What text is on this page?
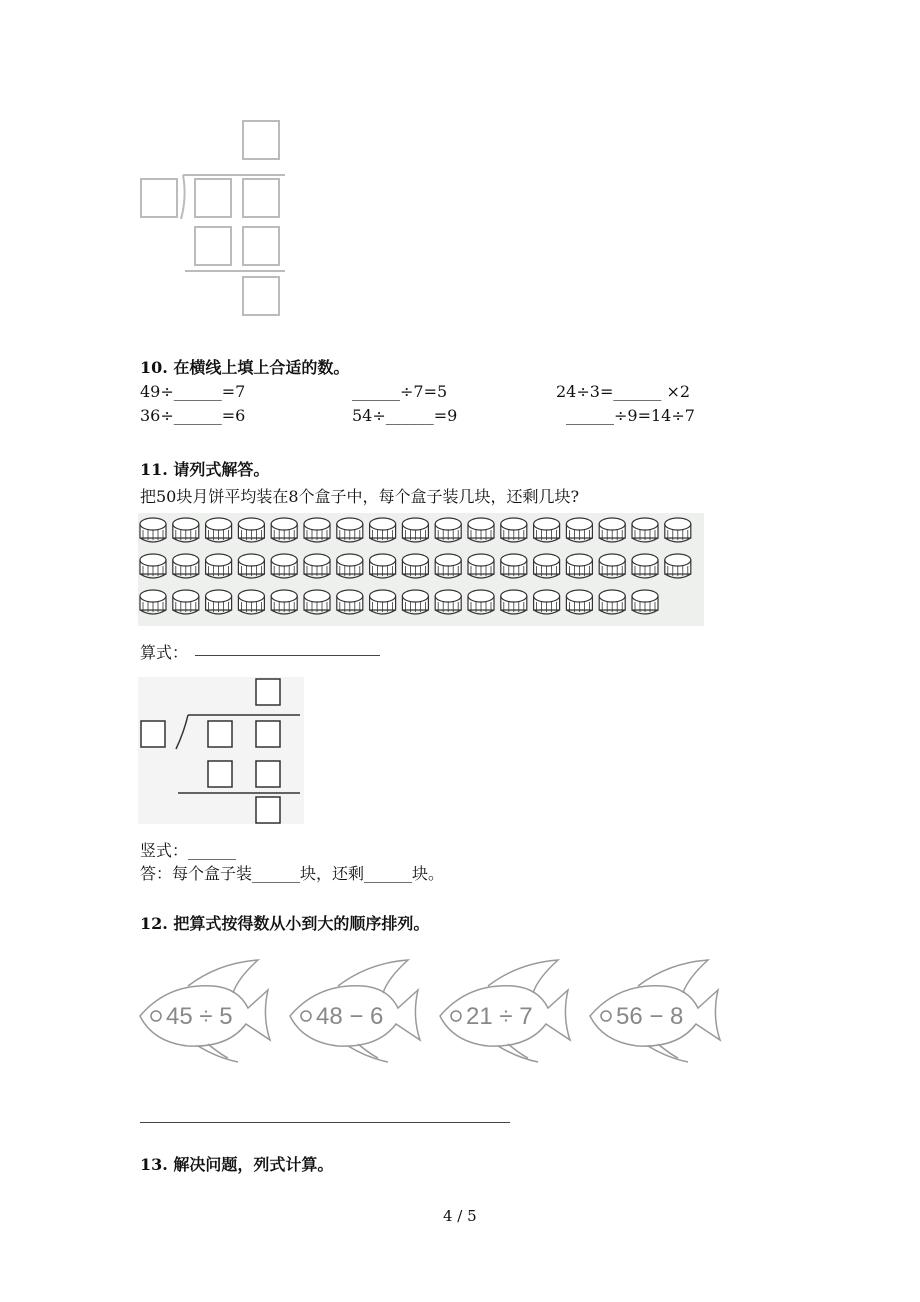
10. 在横线上填上合适的数。
49÷______=7	______÷7=5	24÷3=______ ×2
36÷______=6	54÷______=9	______÷9=14÷7
11. 请列式解答。
把50块月饼平均装在8个盒子中，每个盒子装几块，还剩几块?
算式：
竖式：______
答：每个盒子装______块，还剩______块。
12. 把算式按得数从小到大的顺序排列。
45 ÷ 5	48 − 6	21 ÷ 7	56 − 8
13. 解决问题，列式计算。
4 / 5
